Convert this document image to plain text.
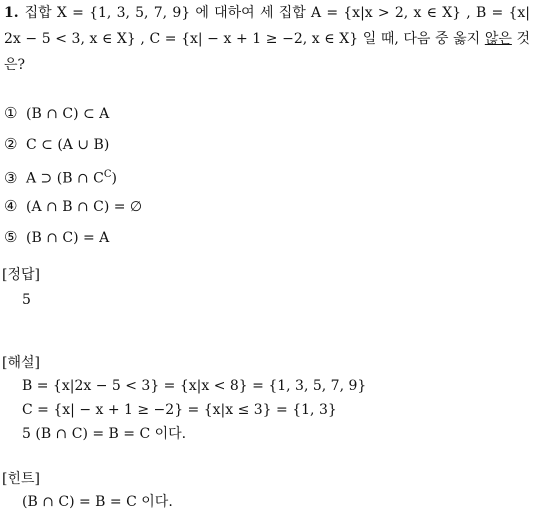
1. 집합 X = {1, 3, 5, 7, 9} 에 대하여 세 집합 A = {x|x > 2, x ∈ X} , B = {x| 2x − 5 < 3, x ∈ X} , C = {x| − x + 1 ≥ −2, x ∈ X} 일 때, 다음 중 옳지 않은 것은?
① (B ∩ C) ⊂ A
② C ⊂ (A ∪ B)
③ A ⊃ (B ∩ $C^C$)
④ (A ∩ B ∩ C) = ∅
⑤ (B ∩ C) = A
[정답]
5
[해설]
B = {x|2x − 5 < 3} = {x|x < 8} = {1, 3, 5, 7, 9}
C = {x| − x + 1 ≥ −2} = {x|x ≤ 3} = {1, 3}
5 (B ∩ C) = B = C 이다.
[힌트]
(B ∩ C) = B = C 이다.
